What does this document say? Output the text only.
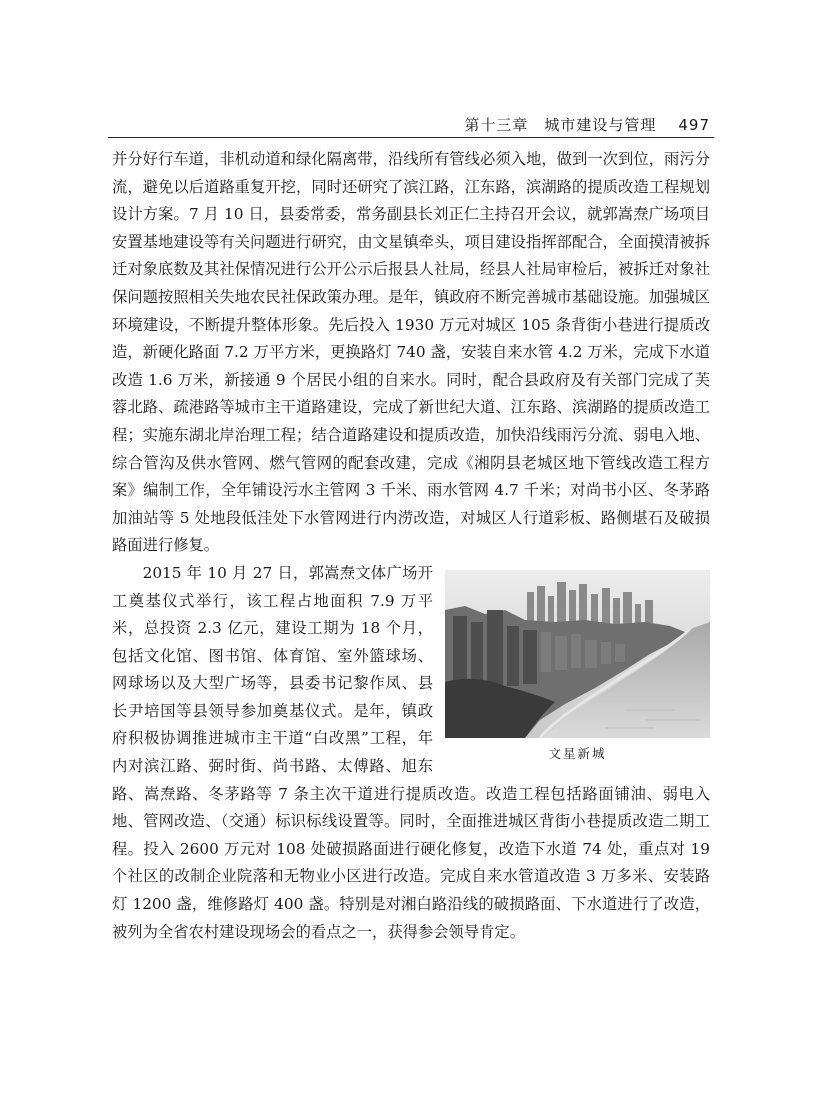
第十三章　城市建设与管理 497

并分好行车道，非机动道和绿化隔离带，沿线所有管线必须入地，做到一次到位，雨污分流，避免以后道路重复开挖，同时还研究了滨江路，江东路，滨湖路的提质改造工程规划设计方案。7 月 10 日，县委常委，常务副县长刘正仁主持召开会议，就郭嵩焘广场项目安置基地建设等有关问题进行研究，由文星镇牵头，项目建设指挥部配合，全面摸清被拆迁对象底数及其社保情况进行公开公示后报县人社局，经县人社局审检后，被拆迁对象社保问题按照相关失地农民社保政策办理。是年，镇政府不断完善城市基础设施。加强城区环境建设，不断提升整体形象。先后投入 1930 万元对城区 105 条背街小巷进行提质改造，新硬化路面 7.2 万平方米，更换路灯 740 盏，安装自来水管 4.2 万米，完成下水道改造 1.6 万米，新接通 9 个居民小组的自来水。同时，配合县政府及有关部门完成了芙蓉北路、疏港路等城市主干道路建设，完成了新世纪大道、江东路、滨湖路的提质改造工程；实施东湖北岸治理工程；结合道路建设和提质改造，加快沿线雨污分流、弱电入地、综合管沟及供水管网、燃气管网的配套改建，完成《湘阴县老城区地下管线改造工程方案》编制工作，全年铺设污水主管网 3 千米、雨水管网 4.7 千米；对尚书小区、冬茅路加油站等 5 处地段低洼处下水管网进行内涝改造，对城区人行道彩板、路侧堪石及破损路面进行修复。

文星新城

2015 年 10 月 27 日，郭嵩焘文体广场开工奠基仪式举行，该工程占地面积 7.9 万平米，总投资 2.3 亿元，建设工期为 18 个月，包括文化馆、图书馆、体育馆、室外篮球场、网球场以及大型广场等，县委书记黎作凤、县长尹培国等县领导参加奠基仪式。是年，镇政府积极协调推进城市主干道“白改黑”工程，年内对滨江路、弼时街、尚书路、太傅路、旭东路、嵩焘路、冬茅路等 7 条主次干道进行提质改造。改造工程包括路面铺油、弱电入地、管网改造、（交通）标识标线设置等。同时，全面推进城区背街小巷提质改造二期工程。投入 2600 万元对 108 处破损路面进行硬化修复，改造下水道 74 处，重点对 19 个社区的改制企业院落和无物业小区进行改造。完成自来水管道改造 3 万多米、安装路灯 1200 盏，维修路灯 400 盏。特别是对湘白路沿线的破损路面、下水道进行了改造，被列为全省农村建设现场会的看点之一，获得参会领导肯定。
